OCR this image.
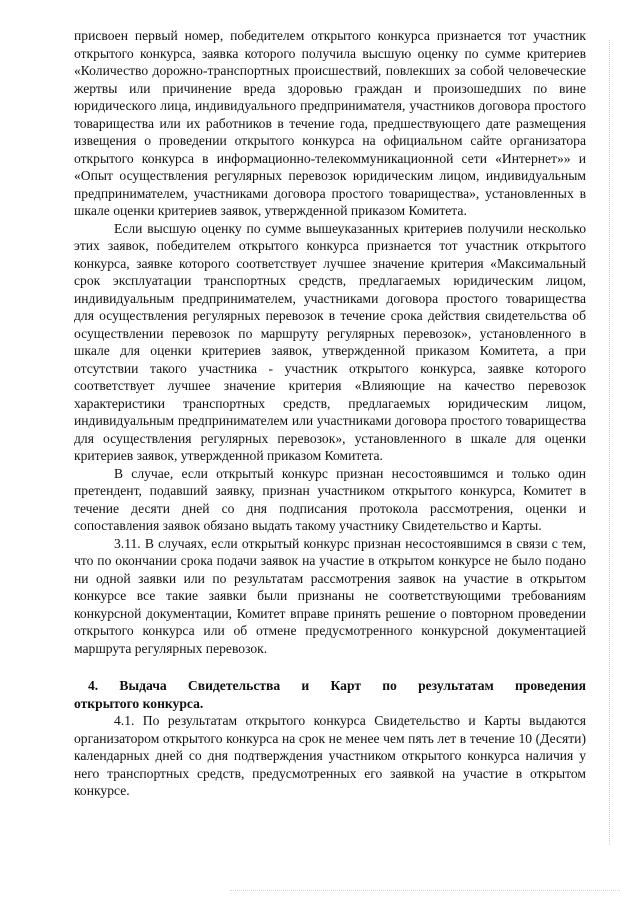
присвоен первый номер, победителем открытого конкурса признается тот участник открытого конкурса, заявка которого получила высшую оценку по сумме критериев «Количество дорожно-транспортных происшествий, повлекших за собой человеческие жертвы или причинение вреда здоровью граждан и произошедших по вине юридического лица, индивидуального предпринимателя, участников договора простого товарищества или их работников в течение года, предшествующего дате размещения извещения о проведении открытого конкурса на официальном сайте организатора открытого конкурса в информационно-телекоммуникационной сети «Интернет»» и «Опыт осуществления регулярных перевозок юридическим лицом, индивидуальным предпринимателем, участниками договора простого товарищества», установленных в шкале оценки критериев заявок, утвержденной приказом Комитета.

Если высшую оценку по сумме вышеуказанных критериев получили несколько этих заявок, победителем открытого конкурса признается тот участник открытого конкурса, заявке которого соответствует лучшее значение критерия «Максимальный срок эксплуатации транспортных средств, предлагаемых юридическим лицом, индивидуальным предпринимателем, участниками договора простого товарищества для осуществления регулярных перевозок в течение срока действия свидетельства об осуществлении перевозок по маршруту регулярных перевозок», установленного в шкале для оценки критериев заявок, утвержденной приказом Комитета, а при отсутствии такого участника - участник открытого конкурса, заявке которого соответствует лучшее значение критерия «Влияющие на качество перевозок характеристики транспортных средств, предлагаемых юридическим лицом, индивидуальным предпринимателем или участниками договора простого товарищества для осуществления регулярных перевозок», установленного в шкале для оценки критериев заявок, утвержденной приказом Комитета.

В случае, если открытый конкурс признан несостоявшимся и только один претендент, подавший заявку, признан участником открытого конкурса, Комитет в течение десяти дней со дня подписания протокола рассмотрения, оценки и сопоставления заявок обязано выдать такому участнику Свидетельство и Карты.

3.11. В случаях, если открытый конкурс признан несостоявшимся в связи с тем, что по окончании срока подачи заявок на участие в открытом конкурсе не было подано ни одной заявки или по результатам рассмотрения заявок на участие в открытом конкурсе все такие заявки были признаны не соответствующими требованиям конкурсной документации, Комитет вправе принять решение о повторном проведении открытого конкурса или об отмене предусмотренного конкурсной документацией маршрута регулярных перевозок.

4. Выдача Свидетельства и Карт по результатам проведения
открытого конкурса.

4.1. По результатам открытого конкурса Свидетельство и Карты выдаются организатором открытого конкурса на срок не менее чем пять лет в течение 10 (Десяти) календарных дней со дня подтверждения участником открытого конкурса наличия у него транспортных средств, предусмотренных его заявкой на участие в открытом конкурсе.
